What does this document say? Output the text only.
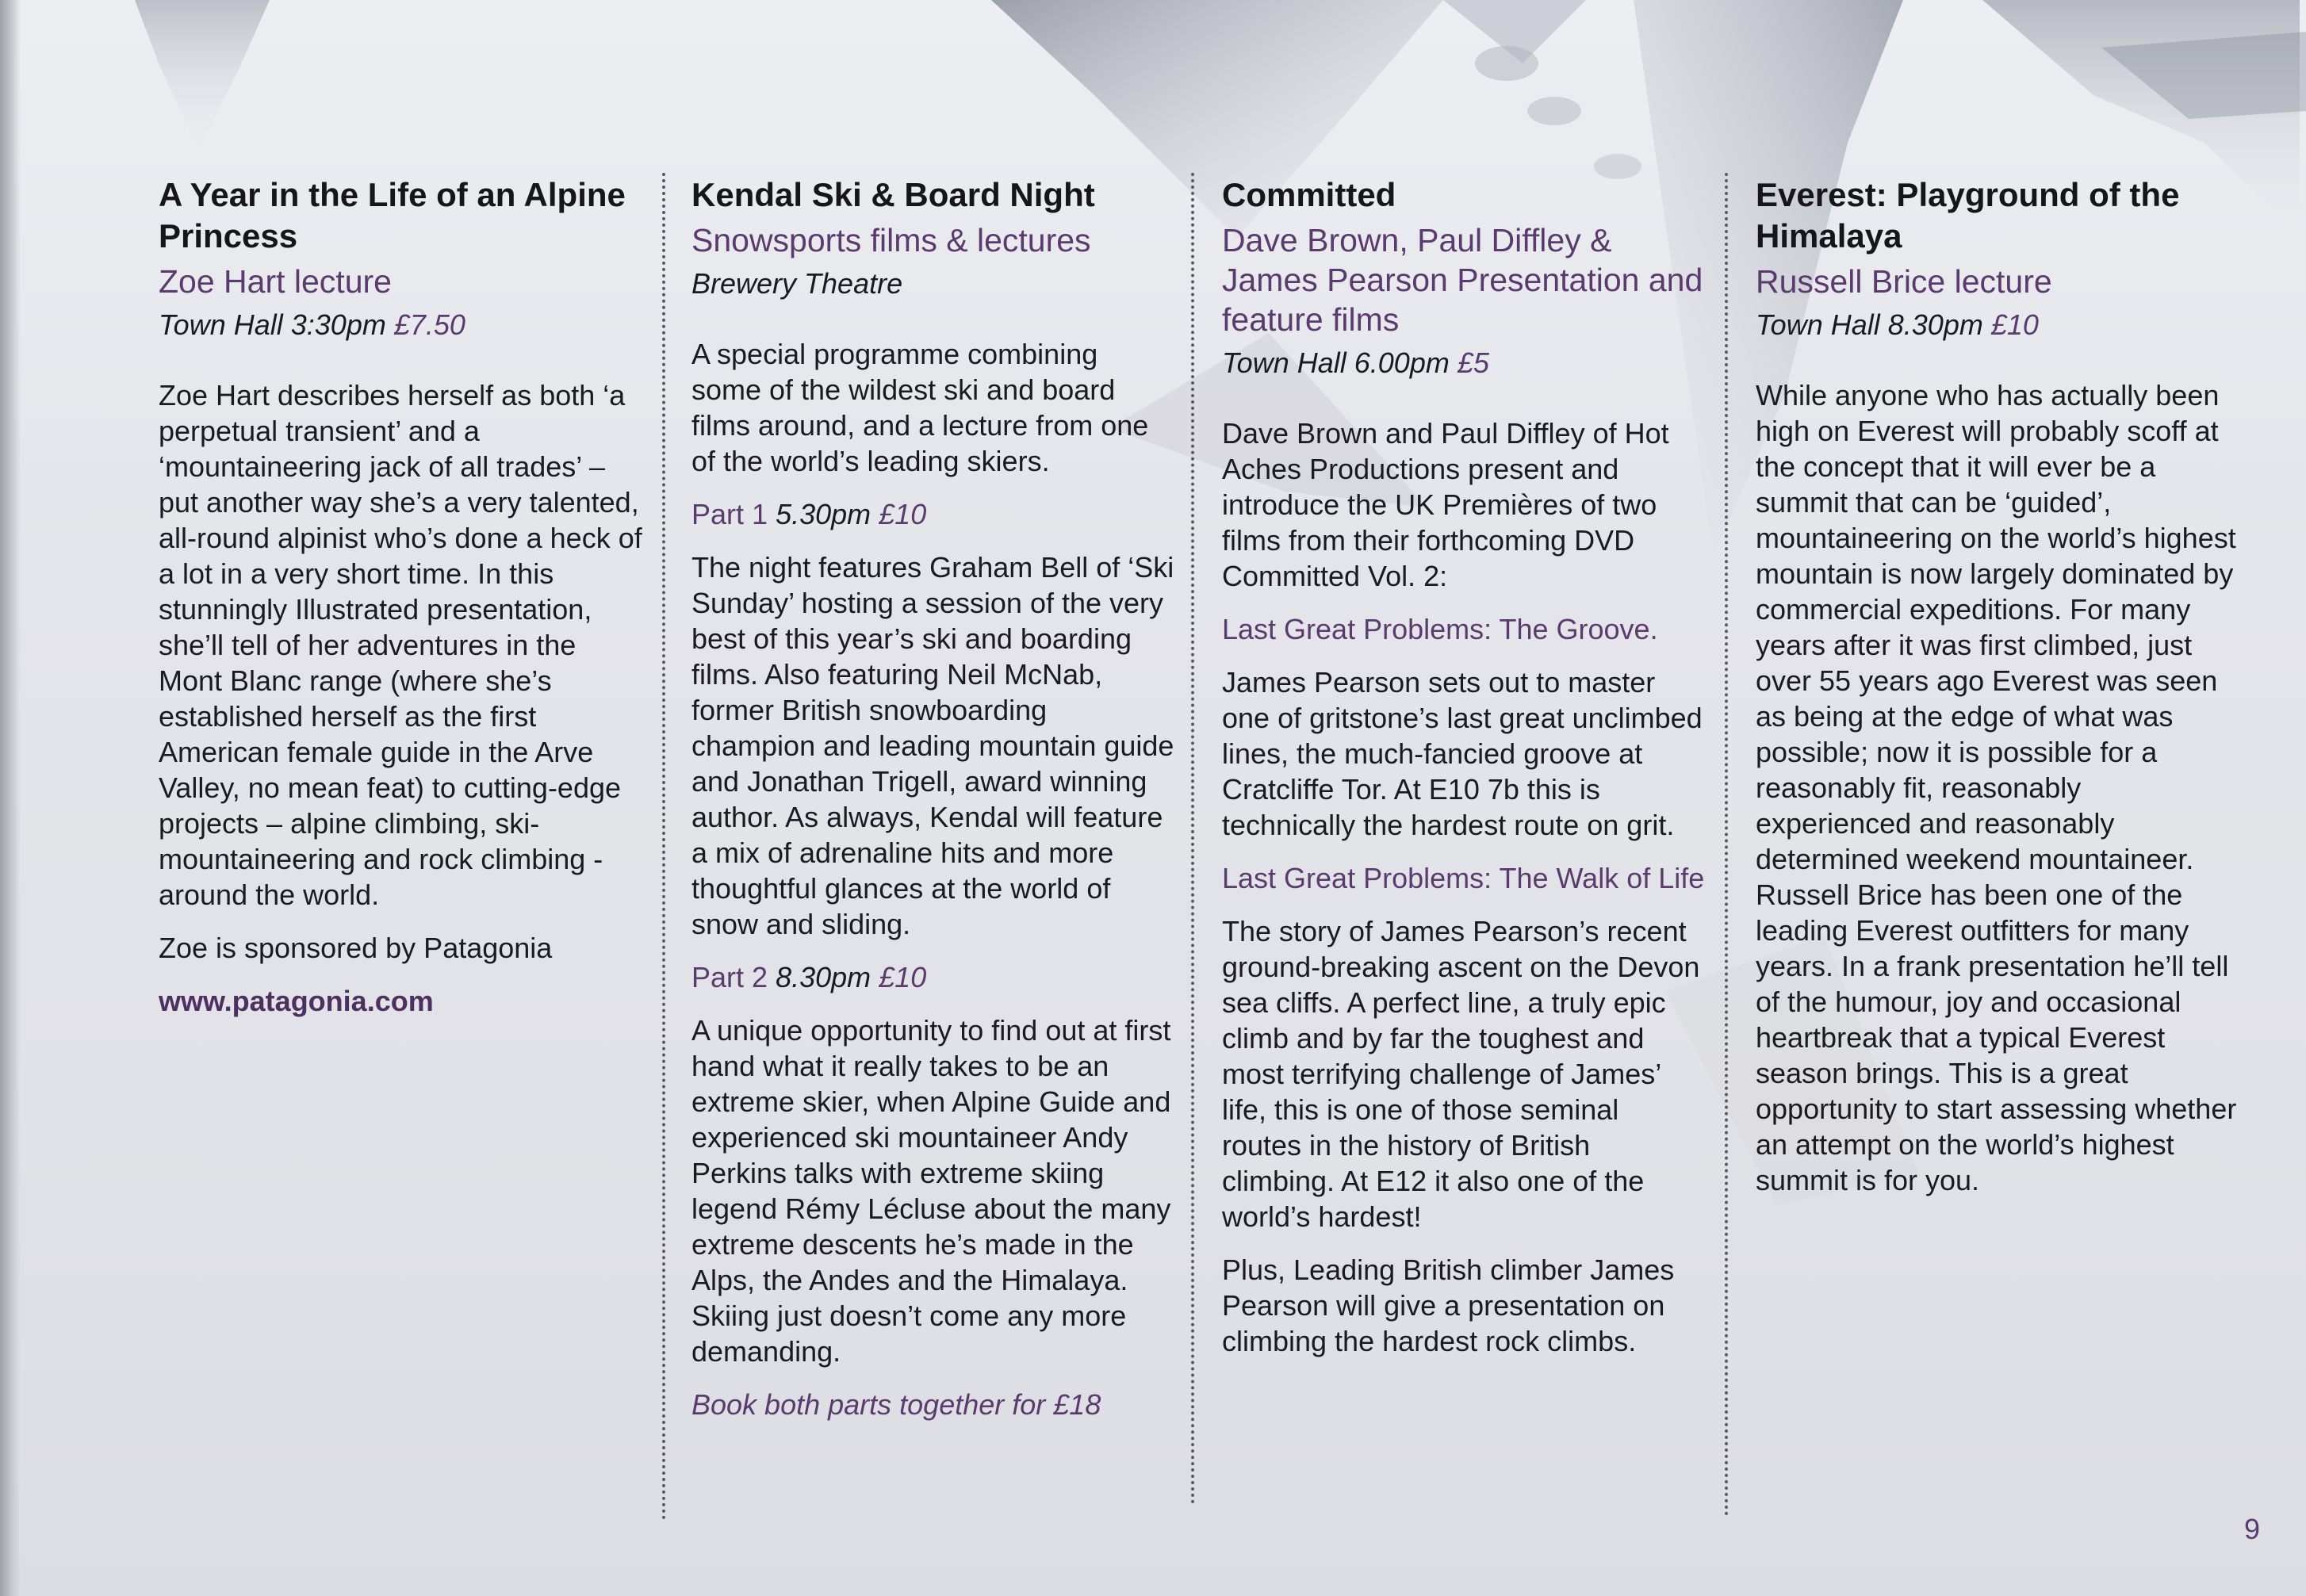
A Year in the Life of an Alpine Princess
Zoe Hart lecture
Town Hall 3:30pm £7.50

Zoe Hart describes herself as both ‘a perpetual transient’ and a ‘mountaineering jack of all trades’ – put another way she’s a very talented, all-round alpinist who’s done a heck of a lot in a very short time. In this stunningly Illustrated presentation, she’ll tell of her adventures in the Mont Blanc range (where she’s established herself as the first American female guide in the Arve Valley, no mean feat) to cutting-edge projects – alpine climbing, ski-mountaineering and rock climbing - around the world.

Zoe is sponsored by Patagonia

www.patagonia.com
Kendal Ski & Board Night
Snowsports films & lectures
Brewery Theatre

A special programme combining some of the wildest ski and board films around, and a lecture from one of the world’s leading skiers.

Part 1 5.30pm £10

The night features Graham Bell of ‘Ski Sunday’ hosting a session of the very best of this year’s ski and boarding films. Also featuring Neil McNab, former British snowboarding champion and leading mountain guide and Jonathan Trigell, award winning author. As always, Kendal will feature a mix of adrenaline hits and more thoughtful glances at the world of snow and sliding.

Part 2 8.30pm £10

A unique opportunity to find out at first hand what it really takes to be an extreme skier, when Alpine Guide and experienced ski mountaineer Andy Perkins talks with extreme skiing legend Rémy Lécluse about the many extreme descents he’s made in the Alps, the Andes and the Himalaya. Skiing just doesn’t come any more demanding.

Book both parts together for £18
Committed
Dave Brown, Paul Diffley & James Pearson Presentation and feature films
Town Hall 6.00pm £5

Dave Brown and Paul Diffley of Hot Aches Productions present and introduce the UK Premières of two films from their forthcoming DVD Committed Vol. 2:

Last Great Problems: The Groove.

James Pearson sets out to master one of gritstone’s last great unclimbed lines, the much-fancied groove at Cratcliffe Tor. At E10 7b this is technically the hardest route on grit.

Last Great Problems: The Walk of Life

The story of James Pearson’s recent ground-breaking ascent on the Devon sea cliffs. A perfect line, a truly epic climb and by far the toughest and most terrifying challenge of James’ life, this is one of those seminal routes in the history of British climbing. At E12 it also one of the world’s hardest!

Plus, Leading British climber James Pearson will give a presentation on climbing the hardest rock climbs.

Everest: Playground of the Himalaya
Russell Brice lecture
Town Hall 8.30pm £10

While anyone who has actually been high on Everest will probably scoff at the concept that it will ever be a summit that can be ‘guided’, mountaineering on the world’s highest mountain is now largely dominated by commercial expeditions. For many years after it was first climbed, just over 55 years ago Everest was seen as being at the edge of what was possible; now it is possible for a reasonably fit, reasonably experienced and reasonably determined weekend mountaineer. Russell Brice has been one of the leading Everest outfitters for many years. In a frank presentation he’ll tell of the humour, joy and occasional heartbreak that a typical Everest season brings. This is a great opportunity to start assessing whether an attempt on the world’s highest summit is for you.

9
